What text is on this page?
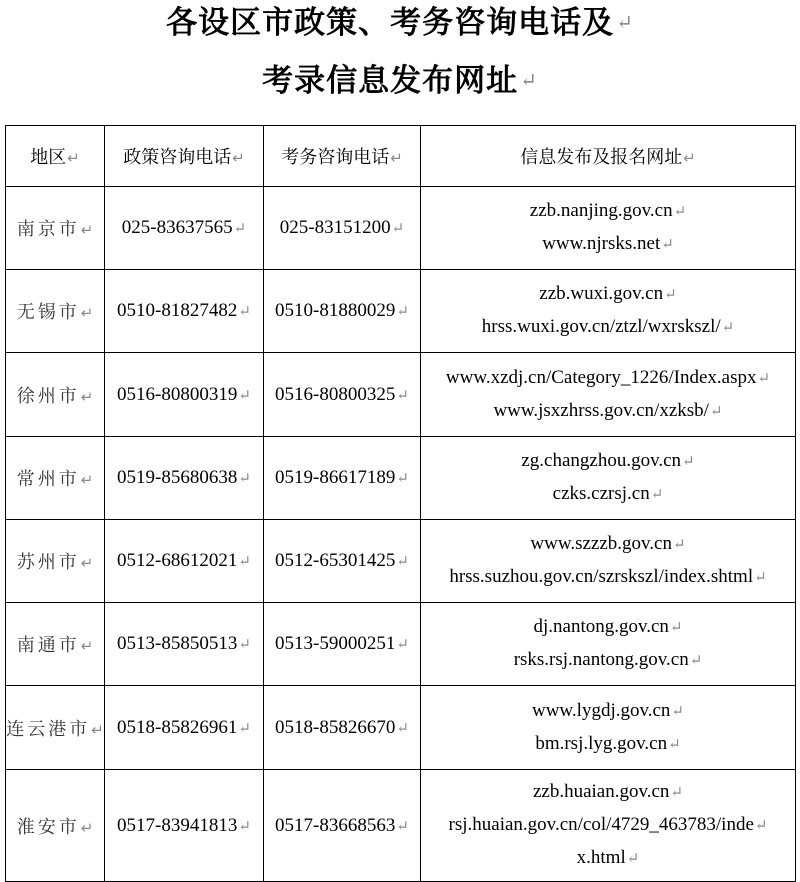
各设区市政策、考务咨询电话及 ↵
考录信息发布网址 ↵
地区↵	政策咨询电话↵	考务咨询电话↵	信息发布及报名网址↵
南京市↵	025-83637565↵	025-83151200↵	zzb.nanjing.gov.cn↵
www.njrsks.net↵

无锡市↵	0510-81827482↵	0510-81880029↵	zzb.wuxi.gov.cn↵
hrss.wuxi.gov.cn/ztzl/wxrskszl/↵

徐州市↵	0516-80800319↵	0516-80800325↵	www.xzdj.cn/Category_1226/Index.aspx↵
www.jsxzhrss.gov.cn/xzksb/↵

常州市↵	0519-85680638↵	0519-86617189↵	zg.changzhou.gov.cn↵
czks.czrsj.cn↵

苏州市↵	0512-68612021↵	0512-65301425↵	www.szzzb.gov.cn↵
hrss.suzhou.gov.cn/szrskszl/index.shtml↵

南通市↵	0513-85850513↵	0513-59000251↵	dj.nantong.gov.cn↵
rsks.rsj.nantong.gov.cn↵

连云港市↵	0518-85826961↵	0518-85826670↵	www.lygdj.gov.cn↵
bm.rsj.lyg.gov.cn↵

淮安市↵	0517-83941813↵	0517-83668563↵	zzb.huaian.gov.cn↵
rsj.huaian.gov.cn/col/4729_463783/inde↵
x.html↵
